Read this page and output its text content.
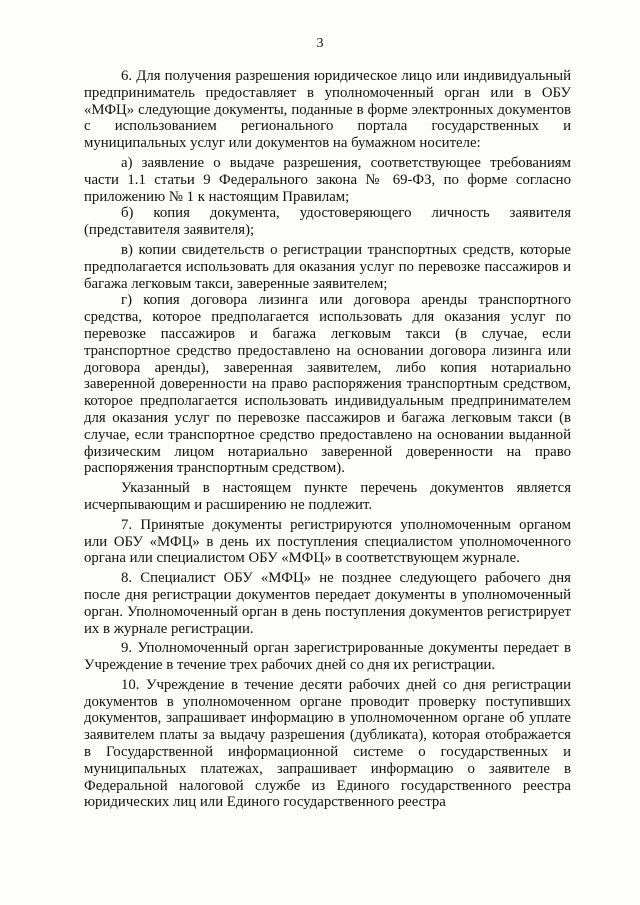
3

6. Для получения разрешения юридическое лицо или индивидуальный предприниматель предоставляет в уполномоченный орган или в ОБУ «МФЦ» следующие документы, поданные в форме электронных документов с использованием регионального портала государственных и муниципальных услуг или документов на бумажном носителе:

а) заявление о выдаче разрешения, соответствующее требованиям части 1.1 статьи 9 Федерального закона № 69-ФЗ, по форме согласно приложению № 1 к настоящим Правилам;

б) копия документа, удостоверяющего личность заявителя (представителя заявителя);

в) копии свидетельств о регистрации транспортных средств, которые предполагается использовать для оказания услуг по перевозке пассажиров и багажа легковым такси, заверенные заявителем;

г) копия договора лизинга или договора аренды транспортного средства, которое предполагается использовать для оказания услуг по перевозке пассажиров и багажа легковым такси (в случае, если транспортное средство предоставлено на основании договора лизинга или договора аренды), заверенная заявителем, либо копия нотариально заверенной доверенности на право распоряжения транспортным средством, которое предполагается использовать индивидуальным предпринимателем для оказания услуг по перевозке пассажиров и багажа легковым такси (в случае, если транспортное средство предоставлено на основании выданной физическим лицом нотариально заверенной доверенности на право распоряжения транспортным средством).

Указанный в настоящем пункте перечень документов является исчерпывающим и расширению не подлежит.

7. Принятые документы регистрируются уполномоченным органом или ОБУ «МФЦ» в день их поступления специалистом уполномоченного органа или специалистом ОБУ «МФЦ» в соответствующем журнале.

8. Специалист ОБУ «МФЦ» не позднее следующего рабочего дня после дня регистрации документов передает документы в уполномоченный орган. Уполномоченный орган в день поступления документов регистрирует их в журнале регистрации.

9. Уполномоченный орган зарегистрированные документы передает в Учреждение в течение трех рабочих дней со дня их регистрации.

10. Учреждение в течение десяти рабочих дней со дня регистрации документов в уполномоченном органе проводит проверку поступивших документов, запрашивает информацию в уполномоченном органе об уплате заявителем платы за выдачу разрешения (дубликата), которая отображается в Государственной информационной системе о государственных и муниципальных платежах, запрашивает информацию о заявителе в Федеральной налоговой службе из Единого государственного реестра юридических лиц или Единого государственного реестра
